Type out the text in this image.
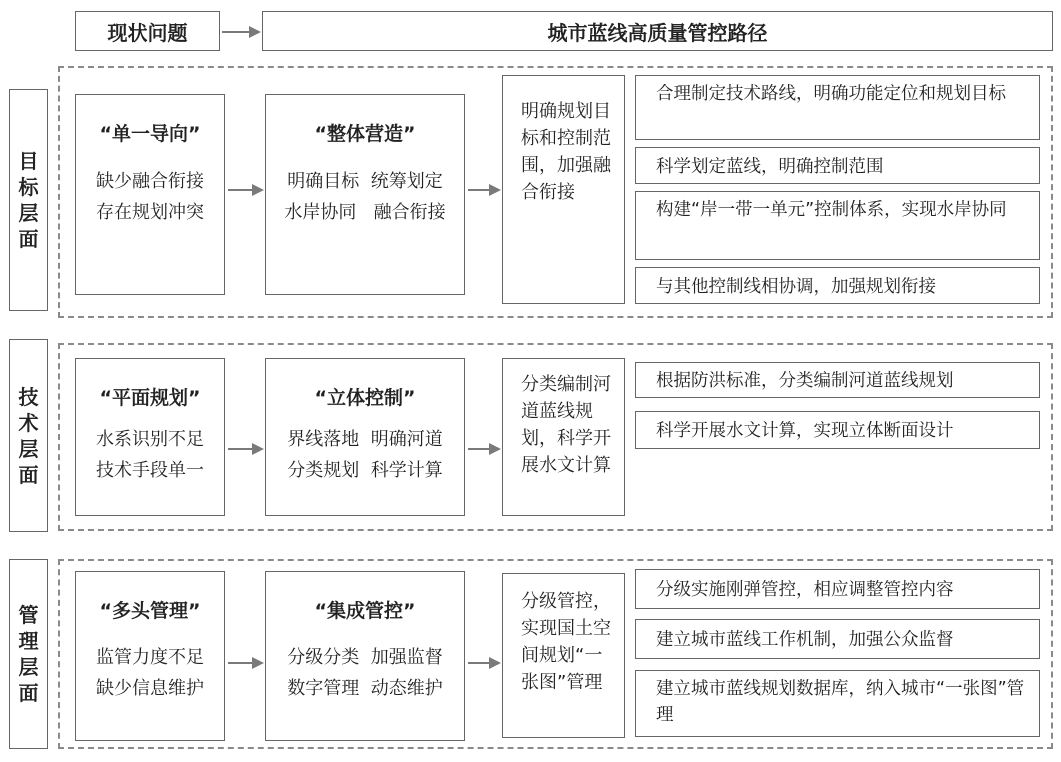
现状问题	城市蓝线高质量管控路径
目标层面
“单一导向”
缺少融合衔接
存在规划冲突
“整体营造”
明确目标  统筹划定
水岸协同   融合衔接
明确规划目标和控制范围，加强融合衔接
合理制定技术路线，明确功能定位和规划目标
科学划定蓝线，明确控制范围
构建“岸一带一单元”控制体系，实现水岸协同
与其他控制线相协调，加强规划衔接
技术层面
“平面规划”
水系识别不足
技术手段单一
“立体控制”
界线落地  明确河道
分类规划  科学计算
分类编制河道蓝线规划，科学开展水文计算
根据防洪标准，分类编制河道蓝线规划
科学开展水文计算，实现立体断面设计
管理层面
“多头管理”
监管力度不足
缺少信息维护
“集成管控”
分级分类  加强监督
数字管理  动态维护
分级管控，实现国土空间规划“一张图”管理
分级实施刚弹管控，相应调整管控内容
建立城市蓝线工作机制，加强公众监督
建立城市蓝线规划数据库，纳入城市“一张图”管理
